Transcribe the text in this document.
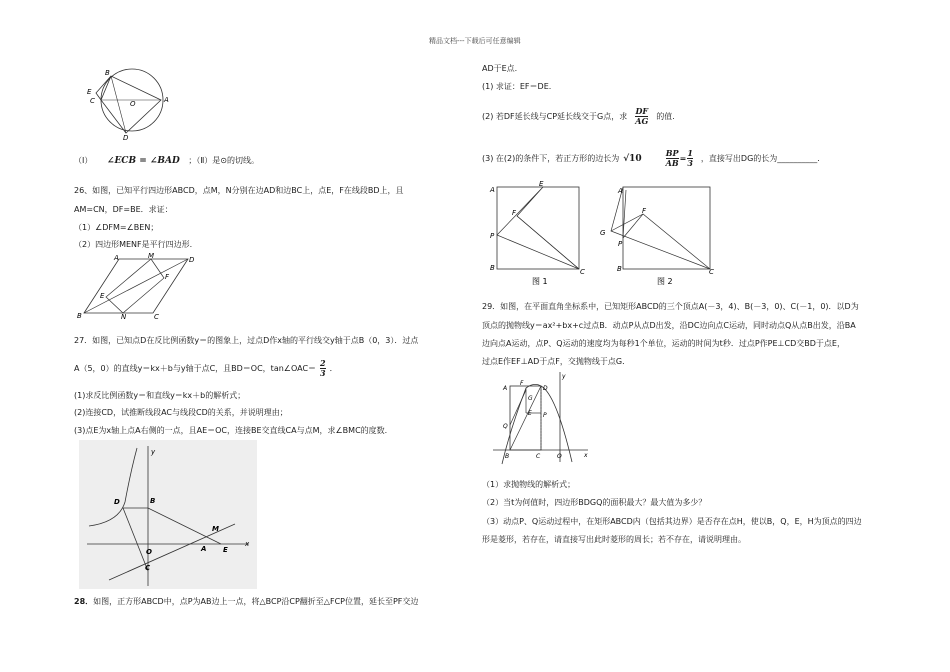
精品文档---下载后可任意编辑
B
E
C	O	A
D
（Ⅰ） ∠ECB = ∠BAD ；（Ⅱ）是⊙的切线。
26、如图，已知平行四边形ABCD，点M，N分别在边AD和边BC上，点E，F在线段BD上，且
AM=CN，DF=BE．求证：
（1）∠DFM=∠BEN；
（2）四边形MENF是平行四边形.
A	M	D
F
E
B	N	C
27．如图，已知点D在反比例函数y＝的图象上，过点D作x轴的平行线交y轴于点B（0，3）．过点
A（5，0）的直线y＝kx＋b与y轴于点C，且BD＝OC，tan∠OAC＝ $\frac{2}{3}$ ．
(1)求反比例函数y＝和直线y＝kx＋b的解析式；
(2)连接CD，试推断线段AC与线段CD的关系，并说明理由；
(3)点E为x轴上点A右侧的一点，且AE＝OC，连接BE交直线CA与点M，求∠BMC的度数.
y
D	B
M
O	A E
x
C
28．如图，正方形ABCD中，点P为AB边上一点，将△BCP沿CP翻折至△FCP位置，延长至PF交边
AD于E点.
(1) 求证：EF＝DE.
(2) 若DF延长线与CP延长线交于G点，求 $\frac{DF}{AG}$ 的值.
(3) 在(2)的条件下，若正方形的边长为 √10	$\frac{BP}{AB} = \frac{1}{3}$ ，直接写出DG的长为 __________.
A
E
F
P
B	C
图 1
A
F
G
P
B	C
图 2
29．如图，在平面直角坐标系中，已知矩形ABCD的三个顶点A(－3，4)、B(－3，0)、C(－1，0)．以D为
顶点的抛物线y＝ax²+bx+c过点B．动点P从点D出发，沿DC边向点C运动，同时动点Q从点B出发，沿BA
边向点A运动，点P、Q运动的速度均为每秒1个单位，运动的时间为t秒．过点P作PE⊥CD交BD于点E，
过点E作EF⊥AD于点F，交抛物线于点G．
y
A	D
F
G
Q
E P
B	C	O	x
（1）求抛物线的解析式；
（2）当t为何值时，四边形BDGQ的面积最大？最大值为多少？
（3）动点P、Q运动过程中，在矩形ABCD内（包括其边界）是否存在点H，使以B，Q，E，H为顶点的四边
形是菱形，若存在，请直接写出此时菱形的周长；若不存在，请说明理由。
